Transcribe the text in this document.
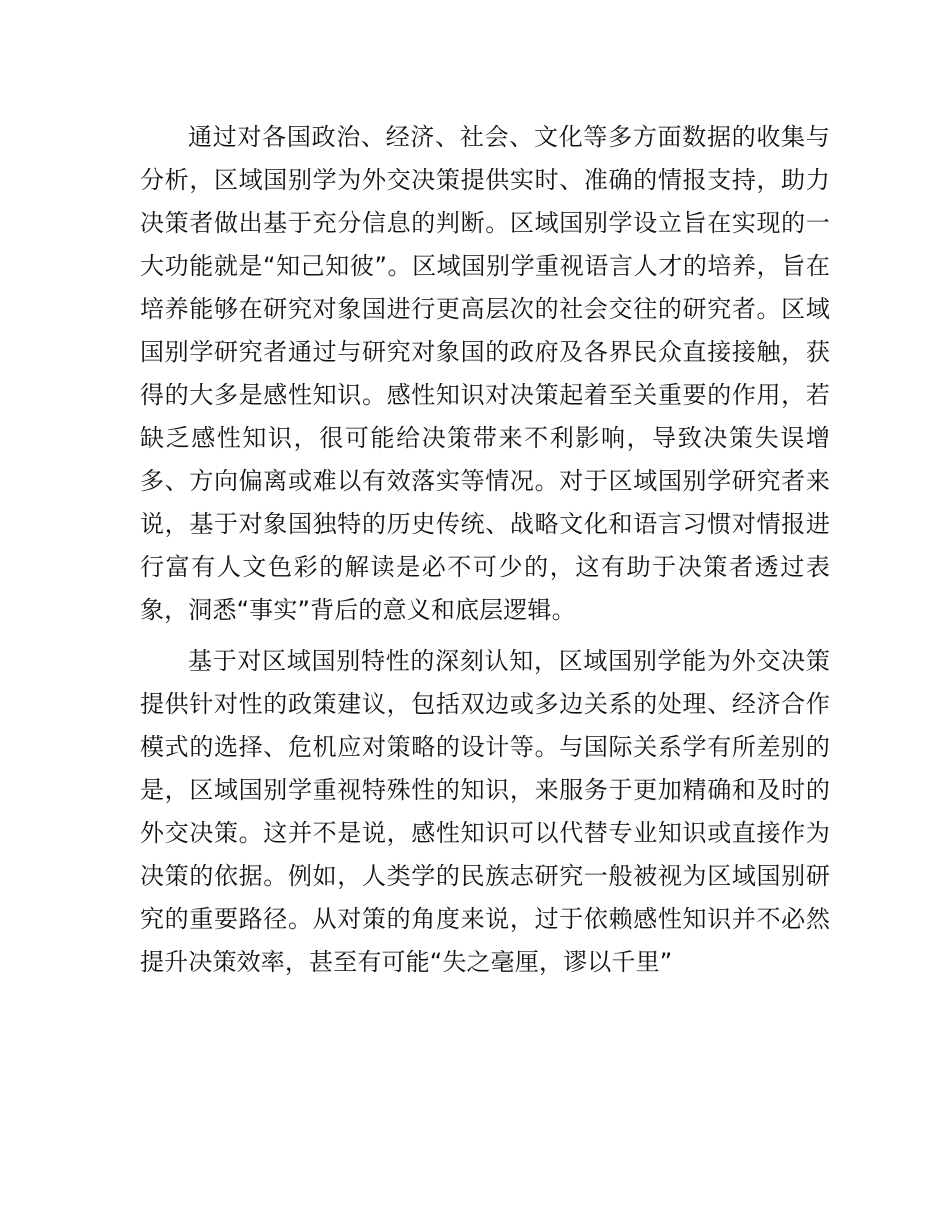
通过对各国政治、经济、社会、文化等多方面数据的收集与分析，区域国别学为外交决策提供实时、准确的情报支持，助力决策者做出基于充分信息的判断。区域国别学设立旨在实现的一大功能就是“知己知彼”。区域国别学重视语言人才的培养，旨在培养能够在研究对象国进行更高层次的社会交往的研究者。区域国别学研究者通过与研究对象国的政府及各界民众直接接触，获得的大多是感性知识。感性知识对决策起着至关重要的作用，若缺乏感性知识，很可能给决策带来不利影响，导致决策失误增多、方向偏离或难以有效落实等情况。对于区域国别学研究者来说，基于对象国独特的历史传统、战略文化和语言习惯对情报进行富有人文色彩的解读是必不可少的，这有助于决策者透过表象，洞悉“事实”背后的意义和底层逻辑。

基于对区域国别特性的深刻认知，区域国别学能为外交决策提供针对性的政策建议，包括双边或多边关系的处理、经济合作模式的选择、危机应对策略的设计等。与国际关系学有所差别的是，区域国别学重视特殊性的知识，来服务于更加精确和及时的外交决策。这并不是说，感性知识可以代替专业知识或直接作为决策的依据。例如，人类学的民族志研究一般被视为区域国别研究的重要路径。从对策的角度来说，过于依赖感性知识并不必然提升决策效率，甚至有可能“失之毫厘，谬以千里”
